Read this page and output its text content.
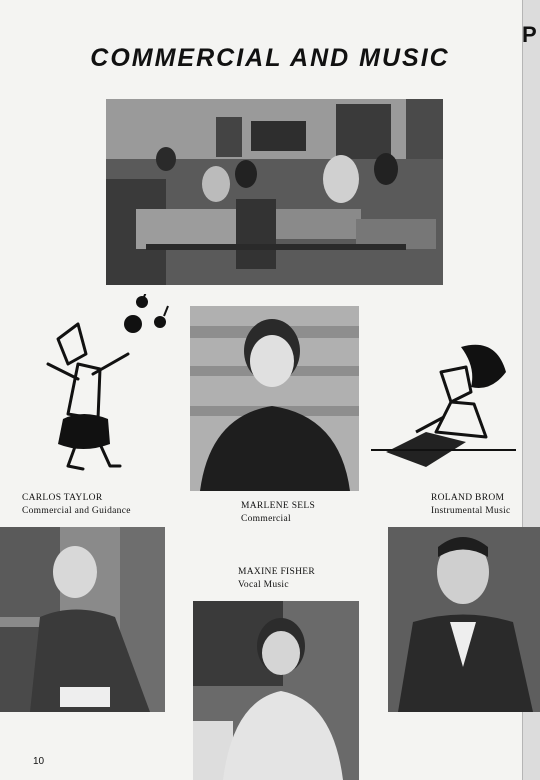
P
COMMERCIAL AND MUSIC
CARLOS TAYLOR
Commercial and Guidance	MARLENE SELS
Commercial
ROLAND BROM
Instrumental Music
MAXINE FISHER
Vocal Music
10
